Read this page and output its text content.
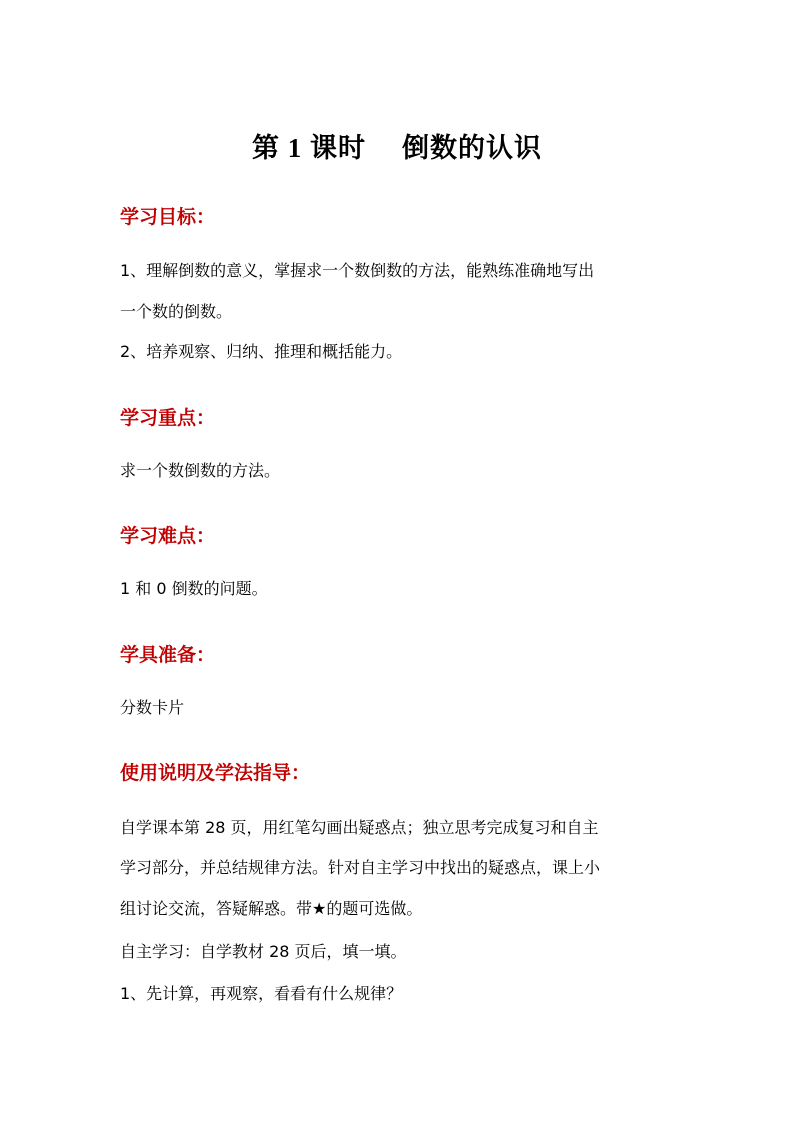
第 1 课时 倒数的认识
学习目标：
1、理解倒数的意义，掌握求一个数倒数的方法，能熟练准确地写出
一个数的倒数。
2、培养观察、归纳、推理和概括能力。
学习重点：
求一个数倒数的方法。
学习难点：
1 和 0 倒数的问题。
学具准备：
分数卡片
使用说明及学法指导：
自学课本第 28 页，用红笔勾画出疑惑点；独立思考完成复习和自主
学习部分，并总结规律方法。针对自主学习中找出的疑惑点，课上小
组讨论交流，答疑解惑。带★的题可选做。
自主学习：自学教材 28 页后，填一填。
1、先计算，再观察，看看有什么规律？
